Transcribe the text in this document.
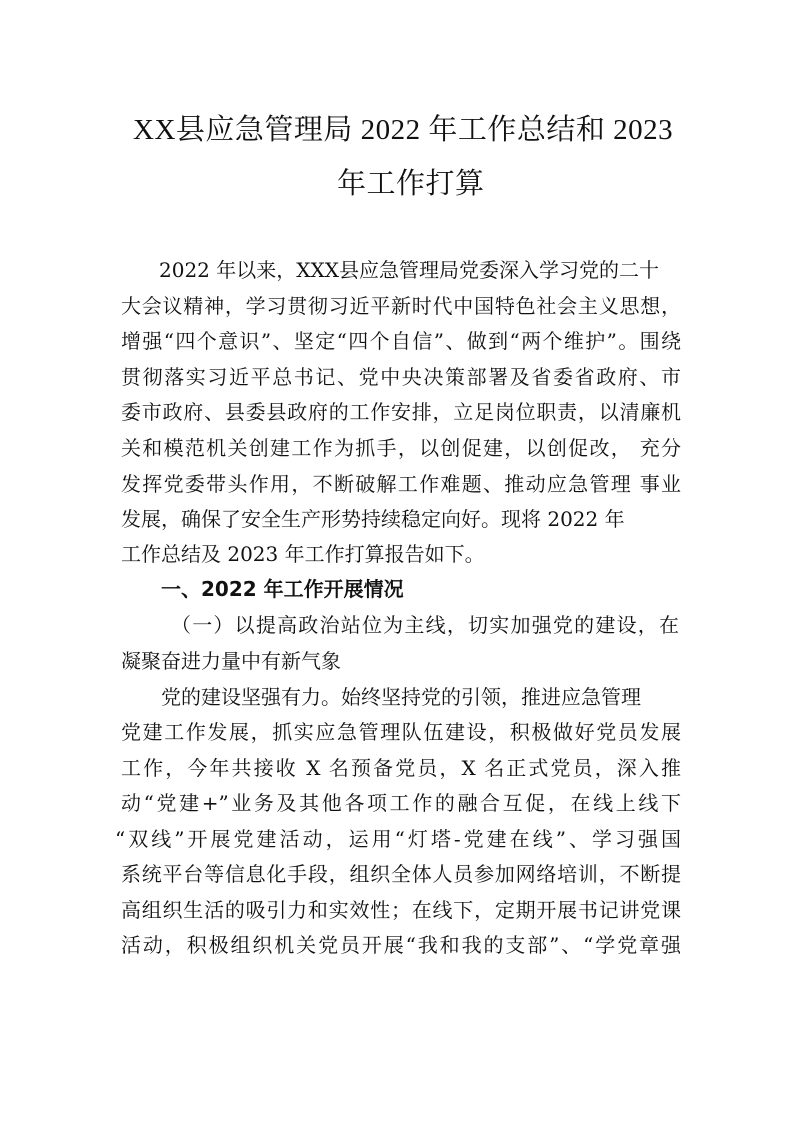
XX县应急管理局 2022 年工作总结和 2023
年工作打算
2022 年以来，XXX县应急管理局党委深入学习党的二十
大会议精神，学习贯彻习近平新时代中国特色社会主义思想，
增强“四个意识”、坚定“四个自信”、做到“两个维护”。围绕
贯彻落实习近平总书记、党中央决策部署及省委省政府、市
委市政府、县委县政府的工作安排，立足岗位职责，以清廉机
关和模范机关创建工作为抓手，以创促建，以创促改， 充分
发挥党委带头作用，不断破解工作难题、推动应急管理 事业
发展，确保了安全生产形势持续稳定向好。现将 2022 年
工作总结及 2023 年工作打算报告如下。
一、2022 年工作开展情况
（一）以提高政治站位为主线，切实加强党的建设，在
凝聚奋进力量中有新气象
党的建设坚强有力。始终坚持党的引领，推进应急管理
党建工作发展，抓实应急管理队伍建设，积极做好党员发展
工作，今年共接收 X 名预备党员，X 名正式党员，深入推
动“党建+”业务及其他各项工作的融合互促，在线上线下
“双线”开展党建活动，运用“灯塔-党建在线”、学习强国
系统平台等信息化手段，组织全体人员参加网络培训，不断提
高组织生活的吸引力和实效性；在线下，定期开展书记讲党课
活动，积极组织机关党员开展“我和我的支部”、“学党章强
